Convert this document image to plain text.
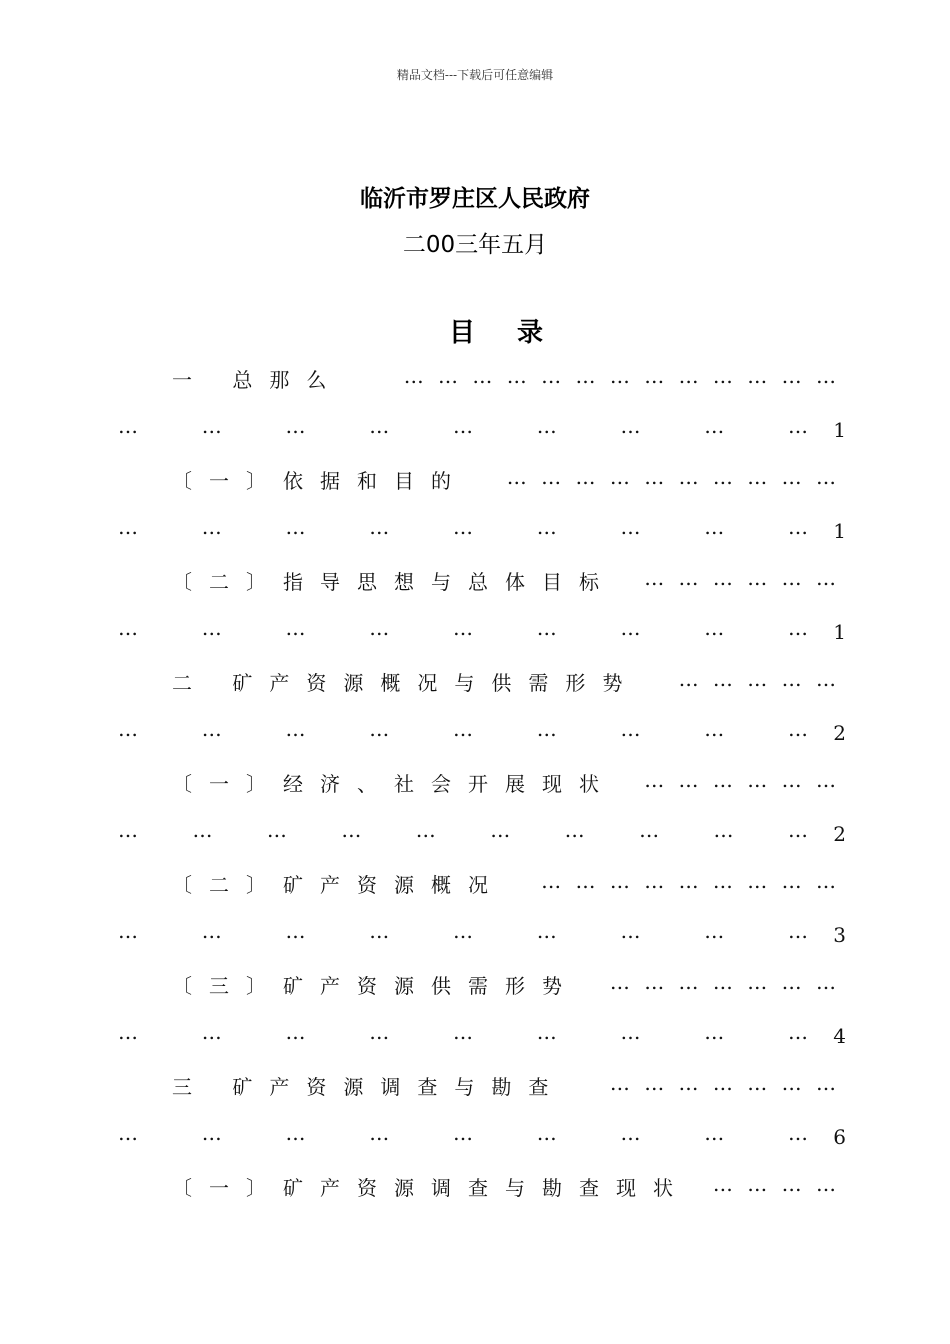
精品文档---下载后可任意编辑
临沂市罗庄区人民政府
二00三年五月
目录
一 总那么	… … … … … … … … … … … … …
…	…	…	…	…	…	…	…	… 1
〔一〕依据和目的 … … … … … … … … … …
…	…	…	…	…	…	…	…	… 1
〔二〕指导思想与总体目标 … … … … … …
…	…	…	…	…	…	…	…	… 1
二 矿产资源概况与供需形势 … … … … …
…	…	…	…	…	…	…	…	… 2
〔一〕经济、社会开展现状 … … … … … …
…	…	…	…	…	…	…	…	…	… 2
〔二〕矿产资源概况 … … … … … … … … …
…	…	…	…	…	…	…	…	… 3
〔三〕矿产资源供需形势 … … … … … … …
…	…	…	…	…	…	…	…	… 4
三 矿产资源调查与勘查 … … … … … … …
…	…	…	…	…	…	…	…	… 6
〔一〕矿产资源调查与勘查现状 … … … …
